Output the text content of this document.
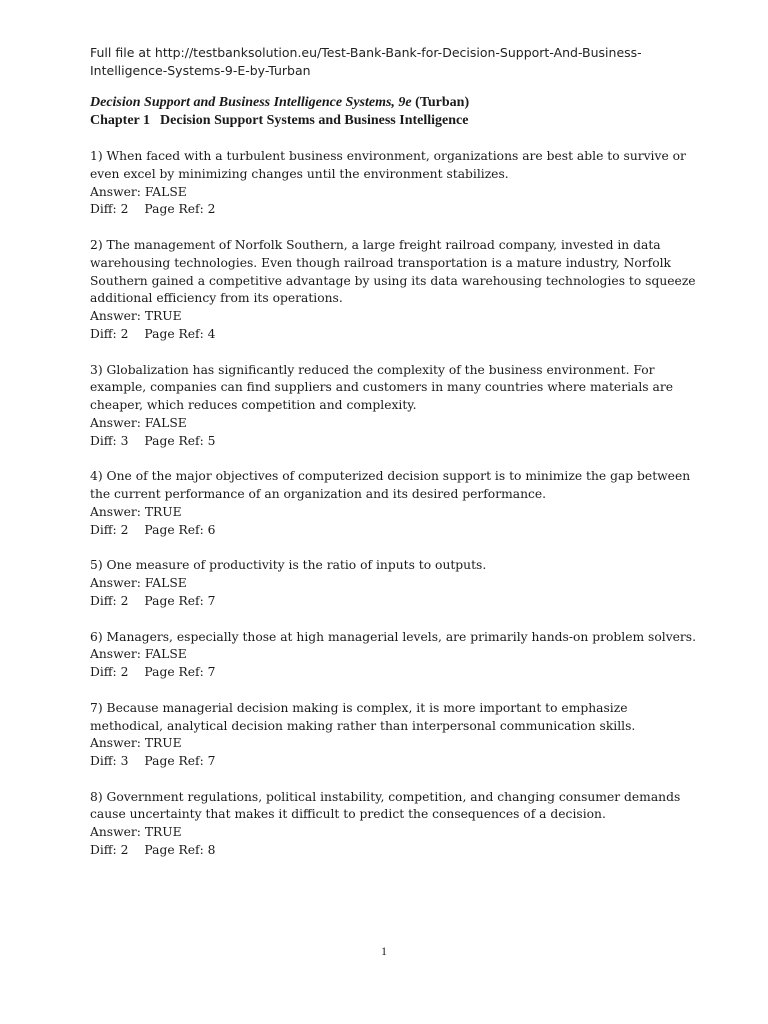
Full file at http://testbanksolution.eu/Test-Bank-Bank-for-Decision-Support-And-Business-
Intelligence-Systems-9-E-by-Turban
Decision Support and Business Intelligence Systems, 9e (Turban)
Chapter 1 Decision Support Systems and Business Intelligence
1) When faced with a turbulent business environment, organizations are best able to survive or
even excel by minimizing changes until the environment stabilizes.
Answer: FALSE
Diff: 2 Page Ref: 2
2) The management of Norfolk Southern, a large freight railroad company, invested in data
warehousing technologies. Even though railroad transportation is a mature industry, Norfolk
Southern gained a competitive advantage by using its data warehousing technologies to squeeze
additional efficiency from its operations.
Answer: TRUE
Diff: 2 Page Ref: 4
3) Globalization has significantly reduced the complexity of the business environment. For
example, companies can find suppliers and customers in many countries where materials are
cheaper, which reduces competition and complexity.
Answer: FALSE
Diff: 3 Page Ref: 5
4) One of the major objectives of computerized decision support is to minimize the gap between
the current performance of an organization and its desired performance.
Answer: TRUE
Diff: 2 Page Ref: 6
5) One measure of productivity is the ratio of inputs to outputs.
Answer: FALSE
Diff: 2 Page Ref: 7
6) Managers, especially those at high managerial levels, are primarily hands-on problem solvers.
Answer: FALSE
Diff: 2 Page Ref: 7
7) Because managerial decision making is complex, it is more important to emphasize
methodical, analytical decision making rather than interpersonal communication skills.
Answer: TRUE
Diff: 3 Page Ref: 7
8) Government regulations, political instability, competition, and changing consumer demands
cause uncertainty that makes it difficult to predict the consequences of a decision.
Answer: TRUE
Diff: 2 Page Ref: 8
1
